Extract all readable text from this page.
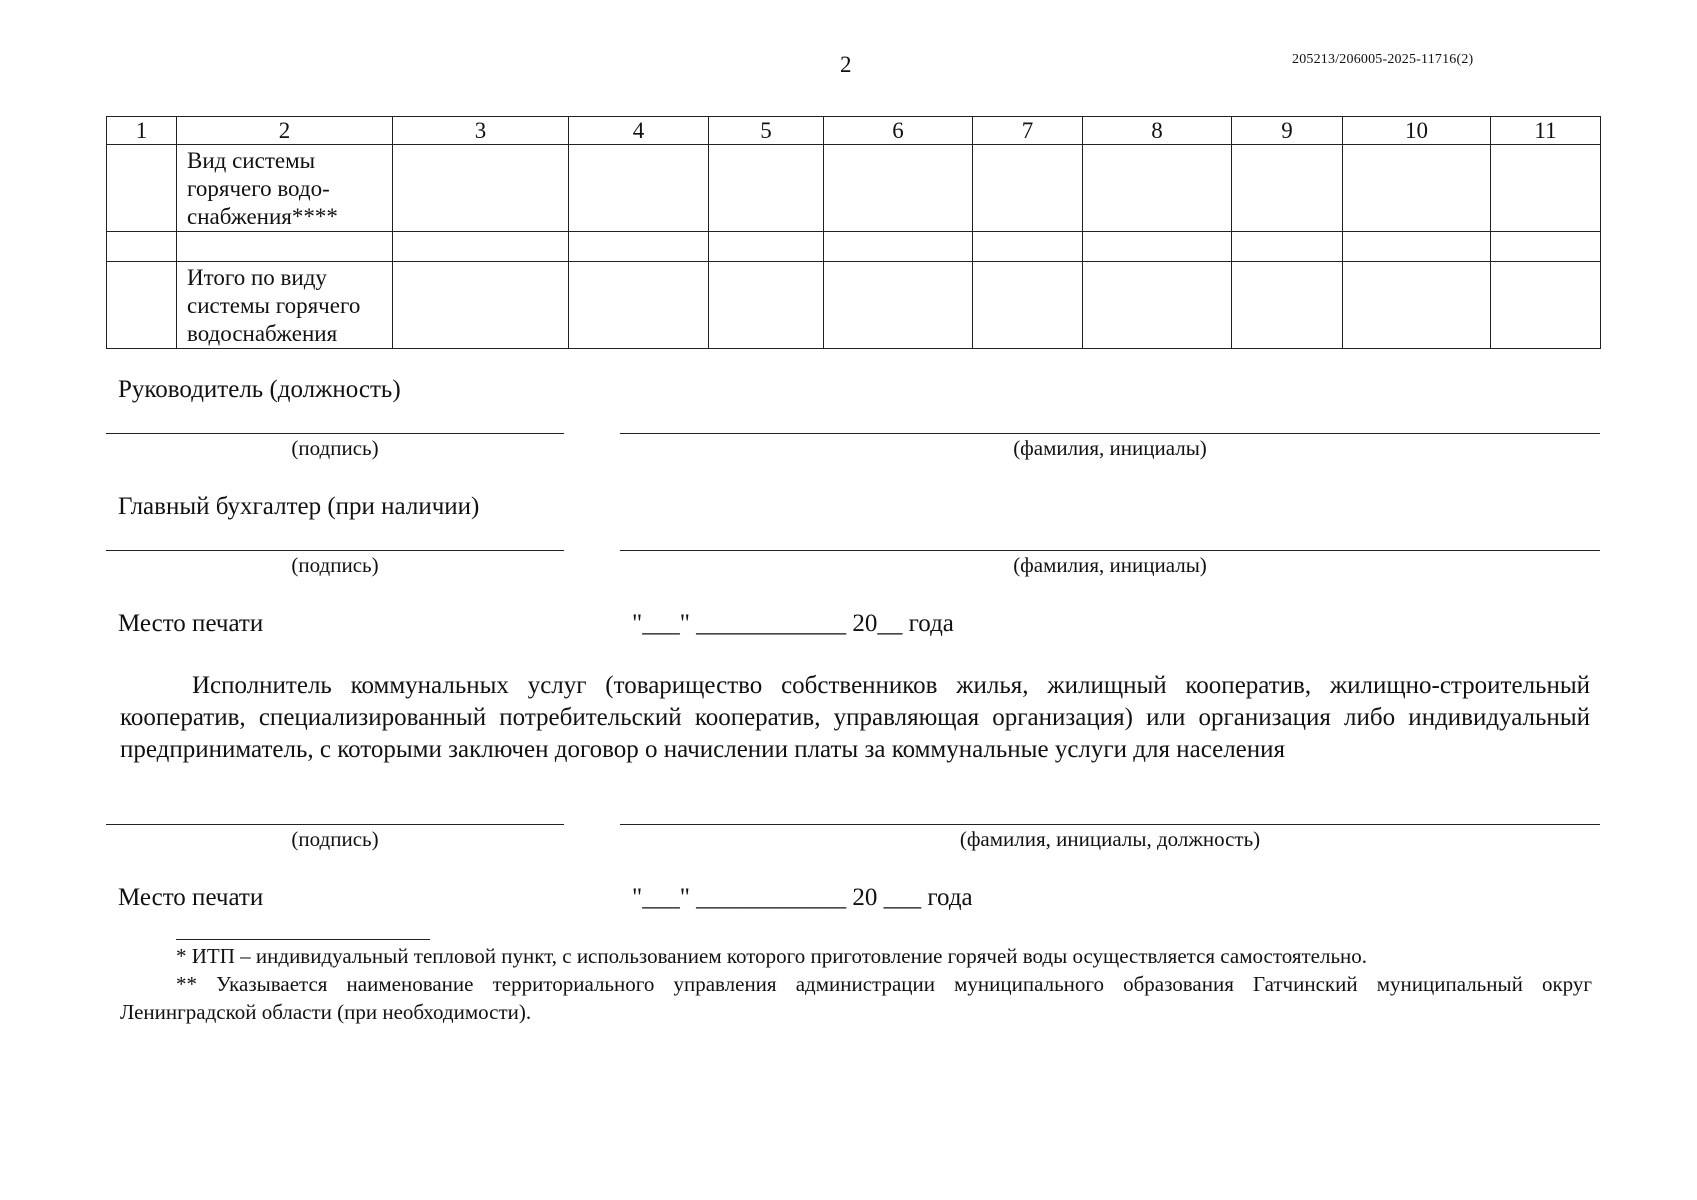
2	205213/206005-2025-11716(2)
1	2	3	4	5	6	7	8	9	10	11
	Вид системы
горячего водо-
снабжения****									

	Итого по виду
системы горячего
водоснабжения									
Руководитель (должность)
(подпись)	(фамилия, инициалы)
Главный бухгалтер (при наличии)
(подпись)	(фамилия, инициалы)
Место печати	"___" ____________ 20__ года
Исполнитель коммунальных услуг (товарищество собственников жилья, жилищный кооператив, жилищно-строительный кооператив, специализированный потребительский кооператив, управляющая организация) или организация либо индивидуальный предприниматель, с которыми заключен договор о начислении платы за коммунальные услуги для населения
(подпись)	(фамилия, инициалы, должность)
Место печати	"___" ____________ 20 ___ года
* ИТП – индивидуальный тепловой пункт, с использованием которого приготовление горячей воды осуществляется самостоятельно.
** Указывается наименование территориального управления администрации муниципального образования Гатчинский муниципальный округ Ленинградской области (при необходимости).
